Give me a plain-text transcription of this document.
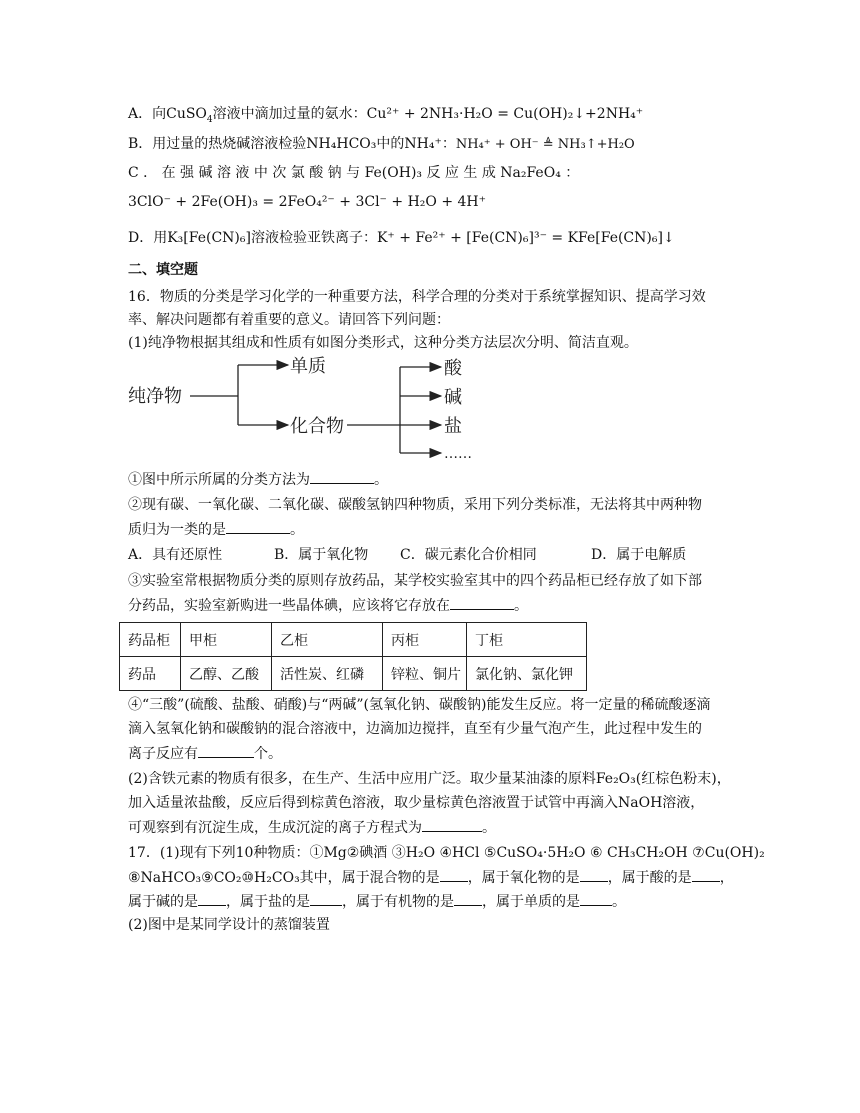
A．向CuSO$_4$溶液中滴加过量的氨水：Cu²⁺ + 2NH₃·H₂O = Cu(OH)₂↓+2NH₄⁺
B．用过量的热烧碱溶液检验NH₄HCO₃中的NH₄⁺：NH₄⁺ + OH⁻ ≜ NH₃↑+H₂O
C ． 在 强 碱 溶 液 中 次 氯 酸 钠 与 Fe(OH)₃ 反 应 生 成 Na₂FeO₄ ：
3ClO⁻ + 2Fe(OH)₃ = 2FeO₄²⁻ + 3Cl⁻ + H₂O + 4H⁺
D．用K₃[Fe(CN)₆]溶液检验亚铁离子：K⁺ + Fe²⁺ + [Fe(CN)₆]³⁻ = KFe[Fe(CN)₆]↓
二、填空题
16．物质的分类是学习化学的一种重要方法，科学合理的分类对于系统掌握知识、提高学习效
率、解决问题都有着重要的意义。请回答下列问题：
(1)纯净物根据其组成和性质有如图分类形式，这种分类方法层次分明、简洁直观。
纯净物
单质
化合物
酸
碱
盐
……
①图中所示所属的分类方法为	。
②现有碳、一氧化碳、二氧化碳、碳酸氢钠四种物质，采用下列分类标准，无法将其中两种物
质归为一类的是	。
A．具有还原性	B．属于氧化物 C．碳元素化合价相同	D．属于电解质
③实验室常根据物质分类的原则存放药品，某学校实验室其中的四个药品柜已经存放了如下部
分药品，实验室新购进一些晶体碘，应该将它存放在	。
药品柜	甲柜	乙柜	丙柜	丁柜
药品	乙醇、乙酸	活性炭、红磷	锌粒、铜片	氯化钠、氯化钾
④“三酸”(硫酸、盐酸、硝酸)与“两碱”(氢氧化钠、碳酸钠)能发生反应。将一定量的稀硫酸逐滴
滴入氢氧化钠和碳酸钠的混合溶液中，边滴加边搅拌，直至有少量气泡产生，此过程中发生的
离子反应有	个。
(2)含铁元素的物质有很多，在生产、生活中应用广泛。取少量某油漆的原料Fe₂O₃(红棕色粉末)，
加入适量浓盐酸，反应后得到棕黄色溶液，取少量棕黄色溶液置于试管中再滴入NaOH溶液，
可观察到有沉淀生成，生成沉淀的离子方程式为	。
17．(1)现有下列10种物质：①Mg②碘酒 ③H₂O ④HCl ⑤CuSO₄·5H₂O ⑥ CH₃CH₂OH ⑦Cu(OH)₂
⑧NaHCO₃⑨CO₂⑩H₂CO₃其中，属于混合物的是 ，属于氧化物的是 ，属于酸的是 ，
属于碱的是 ，属于盐的是 ，属于有机物的是 ，属于单质的是 。
(2)图中是某同学设计的蒸馏装置
